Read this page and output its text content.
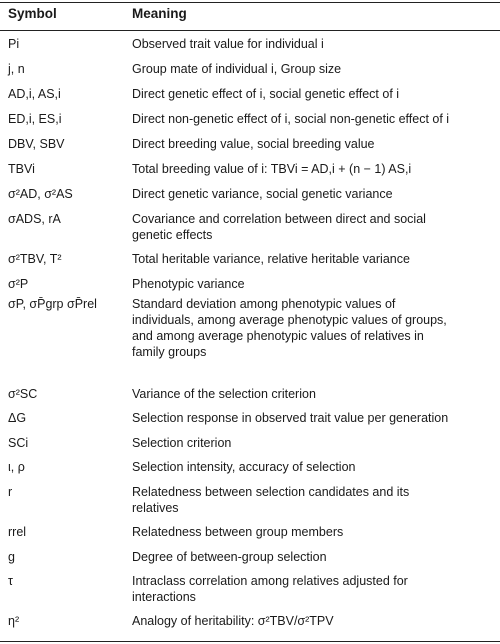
Symbol	Meaning
Pi	Observed trait value for individual i
j, n	Group mate of individual i, Group size
AD,i, AS,i	Direct genetic effect of i, social genetic effect of i
ED,i, ES,i	Direct non-genetic effect of i, social non-genetic effect of i
DBV, SBV	Direct breeding value, social breeding value
TBVi	Total breeding value of i: TBVi = AD,i + (n − 1) AS,i
σ²AD, σ²AS	Direct genetic variance, social genetic variance
σADS, rA	Covariance and correlation between direct and social
genetic effects
σ²TBV, T²	Total heritable variance, relative heritable variance
σ²P	Phenotypic variance
σP, σP̄grp σP̄rel	Standard deviation among phenotypic values of
individuals, among average phenotypic values of groups,
and among average phenotypic values of relatives in
family groups
σ²SC	Variance of the selection criterion
ΔG	Selection response in observed trait value per generation
SCi	Selection criterion
ι, ρ	Selection intensity, accuracy of selection
r	Relatedness between selection candidates and its
relatives
rrel	Relatedness between group members
g	Degree of between-group selection
τ	Intraclass correlation among relatives adjusted for
interactions
η²	Analogy of heritability: σ²TBV/σ²TPV
